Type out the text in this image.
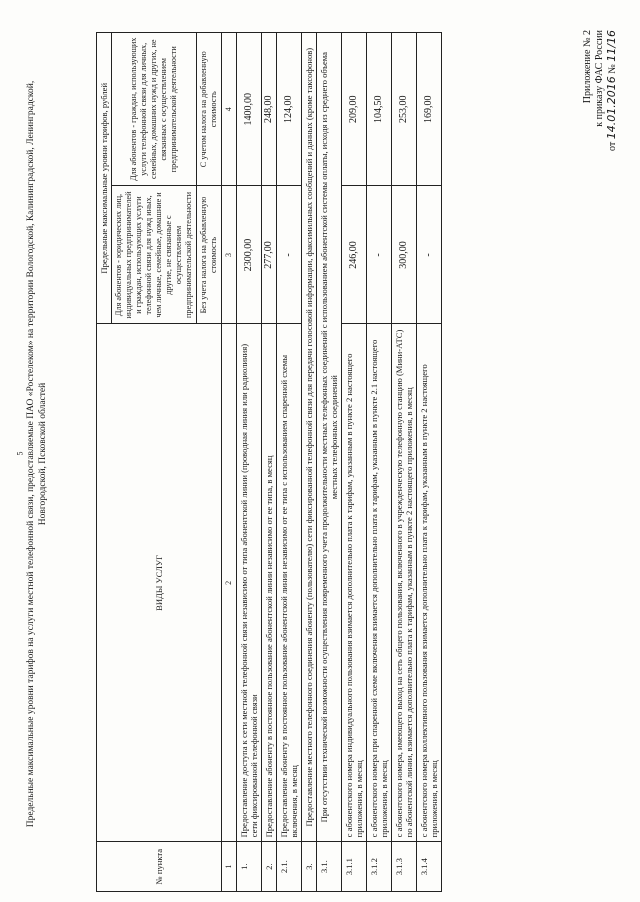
5 Предельные максимальные уровни тарифов на услуги местной телефонной связи, предоставляемые ПАО «Ростелеком» на территории Вологодской, Калининградской, Ленинградской, Новгородской, Псковской областей
Приложение № 2 к приказу ФАС России
от 14.01.2016 № 11/16
№ пункта	ВИДЫ УСЛУГ	Предельные максимальные уровни тарифов, рублей	
		Для абонентов - юридических лиц, индивидуальных предпринимателей и граждан, использующих услуги телефонной связи для нужд иных, чем личные, семейные, домашние и другие, не связанные с осуществлением предпринимательской деятельности	Для абонентов - граждан, использующих услуги телефонной связи для личных, семейных, домашних нужд и других, не связанных с осуществлением предпринимательской деятельности
		Без учета налога на добавленную стоимость	С учетом налога на добавленную стоимость
1	2	3	4
1.	Предоставление доступа к сети местной телефонной связи независимо от типа абонентской линии (проводная линия или радиолиния) сети фиксированной телефонной связи	2300,00	1400,00
2.	Предоставление абоненту в постоянное пользование абонентской линии независимо от ее типа, в месяц	277,00	248,00
2.1.	Предоставление абоненту в постоянное пользование абонентской линии независимо от ее типа с использованием спаренной схемы включения, в месяц	-	124,00
3.	Предоставление местного телефонного соединения абоненту (пользователю) сети фиксированной телефонной связи для передачи голосовой информации, факсимильных сообщений и данных (кроме таксофонов)		
3.1.	При отсутствии технической возможности осуществления повременного учета продолжительности местных телефонных соединений с использованием абонентской системы оплаты, исходя из среднего объема местных телефонных соединений		
3.1.1	с абонентского номера индивидуального пользования взимается дополнительно плата к тарифам, указанным в пункте 2 настоящего приложения, в месяц	246,00	209,00
3.1.2	с абонентского номера при спаренной схеме включения взимается дополнительно плата к тарифам, указанным в пункте 2.1 настоящего приложения, в месяц	-	104,50
3.1.3	с абонентского номера, имеющего выход на сеть общего пользования, включенного в учрежденческую телефонную станцию (Мини-АТС) по абонентской линии, взимается дополнительно плата к тарифам, указанным в пункте 2 настоящего приложения, в месяц	300,00	253,00
3.1.4	с абонентского номера коллективного пользования взимается дополнительно плата к тарифам, указанным в пункте 2 настоящего приложения, в месяц	-	169,00
